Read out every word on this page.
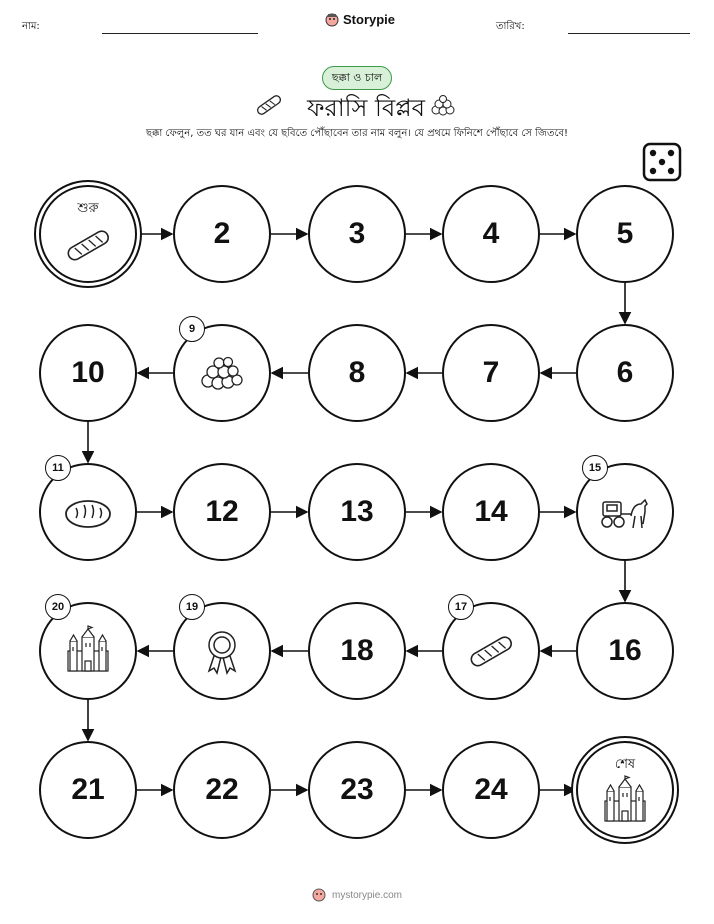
নাম:	Storypie	তারিখ:
ছক্কা ও চাল
ফরাসি বিপ্লব
ছক্কা ফেলুন, তত ঘর যান এবং যে ছবিতে পৌঁছাবেন তার নাম বলুন। যে প্রথমে ফিনিশে পৌঁছাবে সে জিতবে!
শুরু
2	3	4	5
6
7
8
9
10
11
12	13	14
15
16
17
18
19
20
21	22	23	24
শেষ
mystorypie.com
